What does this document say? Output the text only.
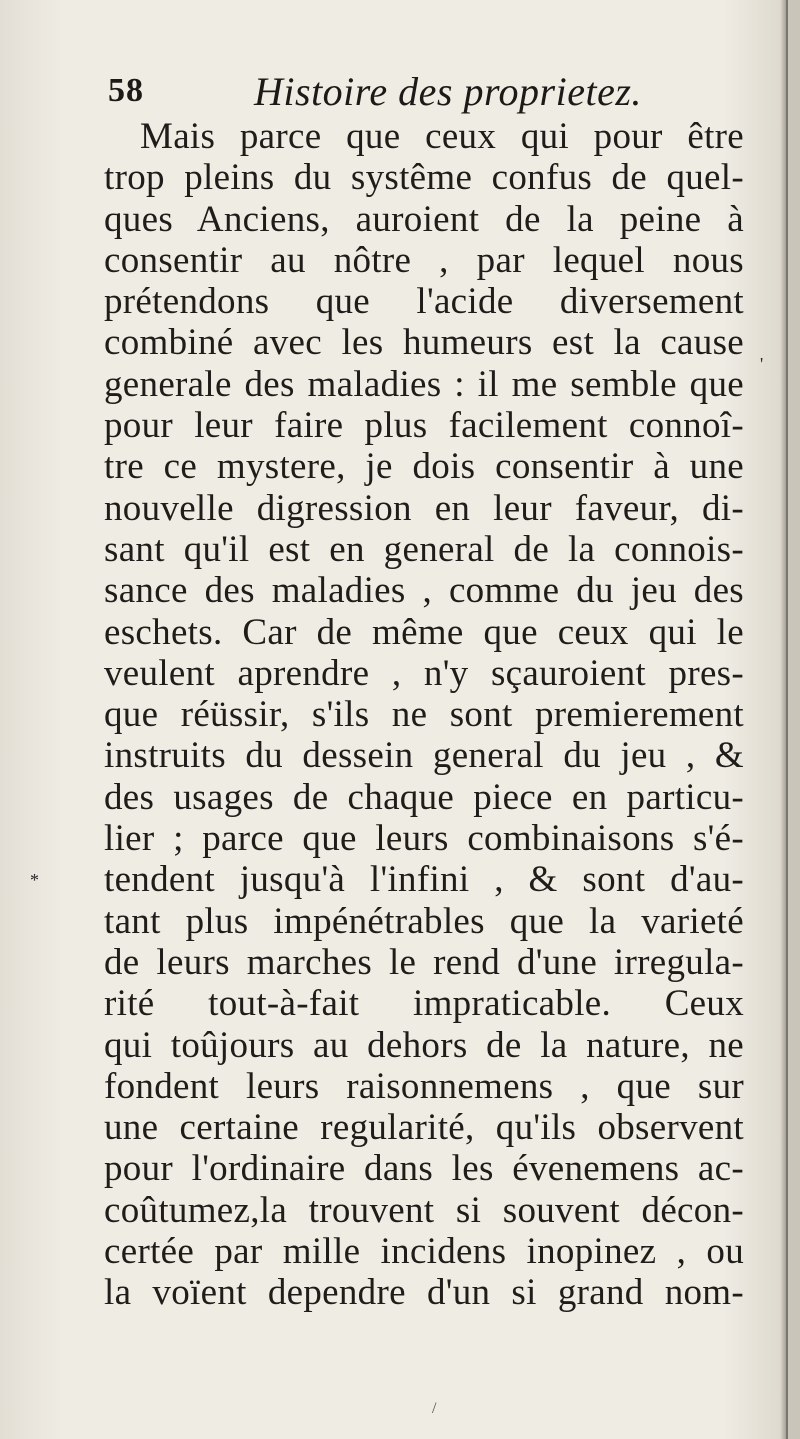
58	Histoire des proprietez.
Mais parce que ceux qui pour être
trop pleins du systême confus de quel-
ques Anciens, auroient de la peine à
consentir au nôtre , par lequel nous
prétendons que l'acide diversement
combiné avec les humeurs est la cause
generale des maladies : il me semble que
pour leur faire plus facilement connoî-
tre ce mystere, je dois consentir à une
nouvelle digression en leur faveur, di-
sant qu'il est en general de la connois-
sance des maladies , comme du jeu des
eschets. Car de même que ceux qui le
veulent aprendre , n'y sçauroient pres-
que réüssir, s'ils ne sont premierement
instruits du dessein general du jeu , &
des usages de chaque piece en particu-
lier ; parce que leurs combinaisons s'é-
tendent jusqu'à l'infini , & sont d'au-
tant plus impénétrables que la varieté
de leurs marches le rend d'une irregula-
rité tout-à-fait impraticable. Ceux
qui toûjours au dehors de la nature, ne
fondent leurs raisonnemens , que sur
une certaine regularité, qu'ils observent
pour l'ordinaire dans les évenemens ac-
coûtumez,la trouvent si souvent décon-
certée par mille incidens inopinez , ou
la voïent dependre d'un si grand nom-
*
'
/
